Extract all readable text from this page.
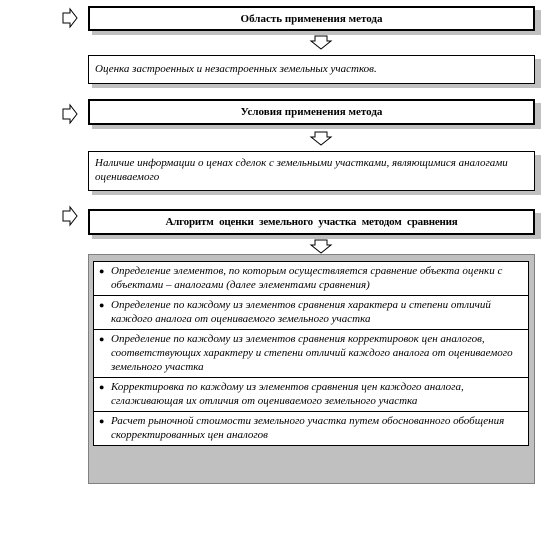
Область применения метода
Оценка застроенных и незастроенных земельных участков.
Условия применения метода
Наличие информации о ценах сделок с земельными участками, являющимися аналогами оцениваемого
Алгоритм оценки земельного участка методом сравнения
● Определение элементов, по которым осуществляется сравнение объекта оценки с объектами – аналогами (далее элементами сравнения)
● Определение по каждому из элементов сравнения характера и степени отличий каждого аналога от оцениваемого земельного участка
● Определение по каждому из элементов сравнения корректировок цен аналогов, соответствующих характеру и степени отличий каждого аналога от оцениваемого земельного участка
● Корректировка по каждому из элементов сравнения цен каждого аналога, сглаживающая их отличия от оцениваемого земельного участка
● Расчет рыночной стоимости земельного участка путем обоснованного обобщения скорректированных цен аналогов
